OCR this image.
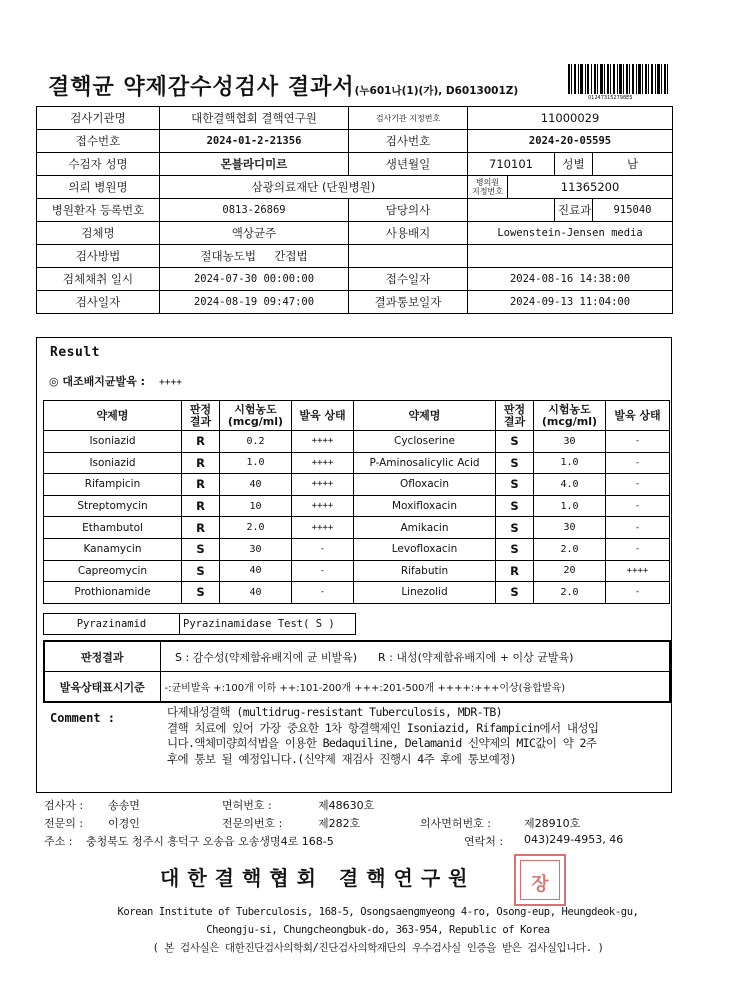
결핵균 약제감수성검사 결과서(누601나(1)(가), D6013001Z)
012473152798E5
검사기관명	대한결핵협회 결핵연구원	검사기관 지정번호	11000029			
접수번호	2024-01-2-21356	검사번호	2024-20-05595			
수검자 성명	몬블라디미르	생년월일	710101		성별	남
의뢰 병원명	삼광의료재단 (단원병원)		병의원 지정번호	11365200		
병원환자 등록번호	0813-26869	담당의사			진료과	915040
검체명	액상균주	사용배지	Lowenstein-Jensen media			
검사방법	절대농도법 간접법					
검체채취 일시	2024-07-30 00:00:00	접수일자	2024-08-16 14:38:00			
검사일자	2024-08-19 09:47:00	결과통보일자	2024-09-13 11:04:00			
Result
◎ 대조배지균발육 : ++++
약제명	판정 결과	시험농도 (mcg/ml)	발육 상태	약제명	판정 결과	시험농도 (mcg/ml)	발육 상태
Isoniazid	R	0.2	++++	Cycloserine	S	30	-
Isoniazid	R	1.0	++++	P-Aminosalicylic Acid	S	1.0	-
Rifampicin	R	40	++++	Ofloxacin	S	4.0	-
Streptomycin	R	10	++++	Moxifloxacin	S	1.0	-
Ethambutol	R	2.0	++++	Amikacin	S	30	-
Kanamycin	S	30	-	Levofloxacin	S	2.0	-
Capreomycin	S	40	-	Rifabutin	R	20	++++
Prothionamide	S	40	-	Linezolid	S	2.0	-
Pyrazinamid	Pyrazinamidase Test( S )
판정결과	S : 감수성(약제함유배지에 균 비발육) R : 내성(약제함유배지에 + 이상 균발육)
발육상태표시기준	-:균비발육 +:100개 이하 ++:101-200개 +++:201-500개 ++++:+++이상(융합발육)
Comment :	다제내성결핵 (multidrug-resistant Tuberculosis, MDR-TB)
결핵 치료에 있어 가장 중요한 1차 항결핵제인 Isoniazid, Rifampicin에서 내성입
니다.액체미량희석법을 이용한 Bedaquiline, Delamanid 신약제의 MIC값이 약 2주
후에 통보 될 예정입니다.(신약제 재검사 진행시 4주 후에 통보예정)
검사자 : 송송면	면허번호 :	제48630호
전문의 : 이경인	전문의번호 :	제282호	의사면허번호 :	제28910호
주소 : 충청북도 청주시 흥덕구 오송읍 오송생명4로 168-5	연락처 : 043)249-4953, 46
대한결핵협회 결핵연구원	장
Korean Institute of Tuberculosis, 168-5, Osongsaengmyeong 4-ro, Osong-eup, Heungdeok-gu,
Cheongju-si, Chungcheongbuk-do, 363-954, Republic of Korea
( 본 검사실은 대한진단검사의학회/진단검사의학재단의 우수검사실 인증을 받은 검사실입니다. )
